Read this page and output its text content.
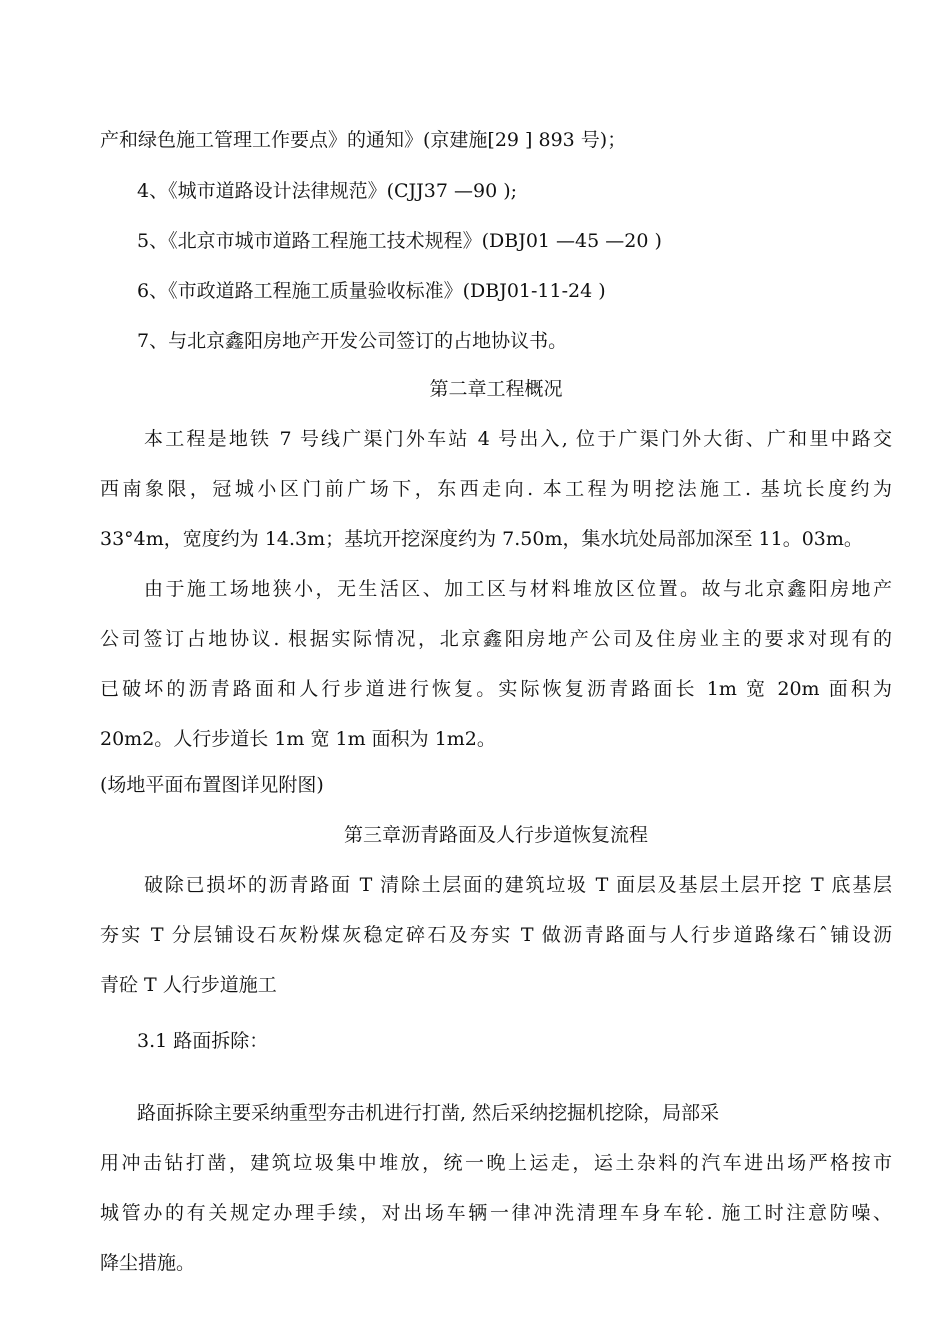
产和绿色施工管理工作要点》的通知》(京建施[29 ] 893 号)；
4、《城市道路设计法律规范》(CJJ37 —90 );
5、《北京市城市道路工程施工技术规程》(DBJ01 —45 —20 )
6、《市政道路工程施工质量验收标准》(DBJ01-11-24 )
7、与北京鑫阳房地产开发公司签订的占地协议书。
第二章工程概况
本工程是地铁 7 号线广渠门外车站 4 号出入, 位于广渠门外大街、广和里中路交
西南象限，冠城小区门前广场下，东西走向. 本工程为明挖法施工. 基坑长度约为
33°4m，宽度约为 14.3m；基坑开挖深度约为 7.50m，集水坑处局部加深至 11。03m。
由于施工场地狭小，无生活区、加工区与材料堆放区位置。故与北京鑫阳房地产
公司签订占地协议. 根据实际情况，北京鑫阳房地产公司及住房业主的要求对现有的
已破坏的沥青路面和人行步道进行恢复。实际恢复沥青路面长 1m 宽 20m 面积为
20m2。人行步道长 1m 宽 1m 面积为 1m2。
(场地平面布置图详见附图)
第三章沥青路面及人行步道恢复流程
破除已损坏的沥青路面 T 清除土层面的建筑垃圾 T 面层及基层土层开挖 T 底基层
夯实 T 分层铺设石灰粉煤灰稳定碎石及夯实 T 做沥青路面与人行步道路缘石ˆ铺设沥
青砼 T 人行步道施工
3.1 路面拆除：
路面拆除主要采纳重型夯击机进行打凿, 然后采纳挖掘机挖除，局部采
用冲击钻打凿，建筑垃圾集中堆放，统一晚上运走，运土杂料的汽车进出场严格按市
城管办的有关规定办理手续，对出场车辆一律冲洗清理车身车轮. 施工时注意防噪、
降尘措施。
